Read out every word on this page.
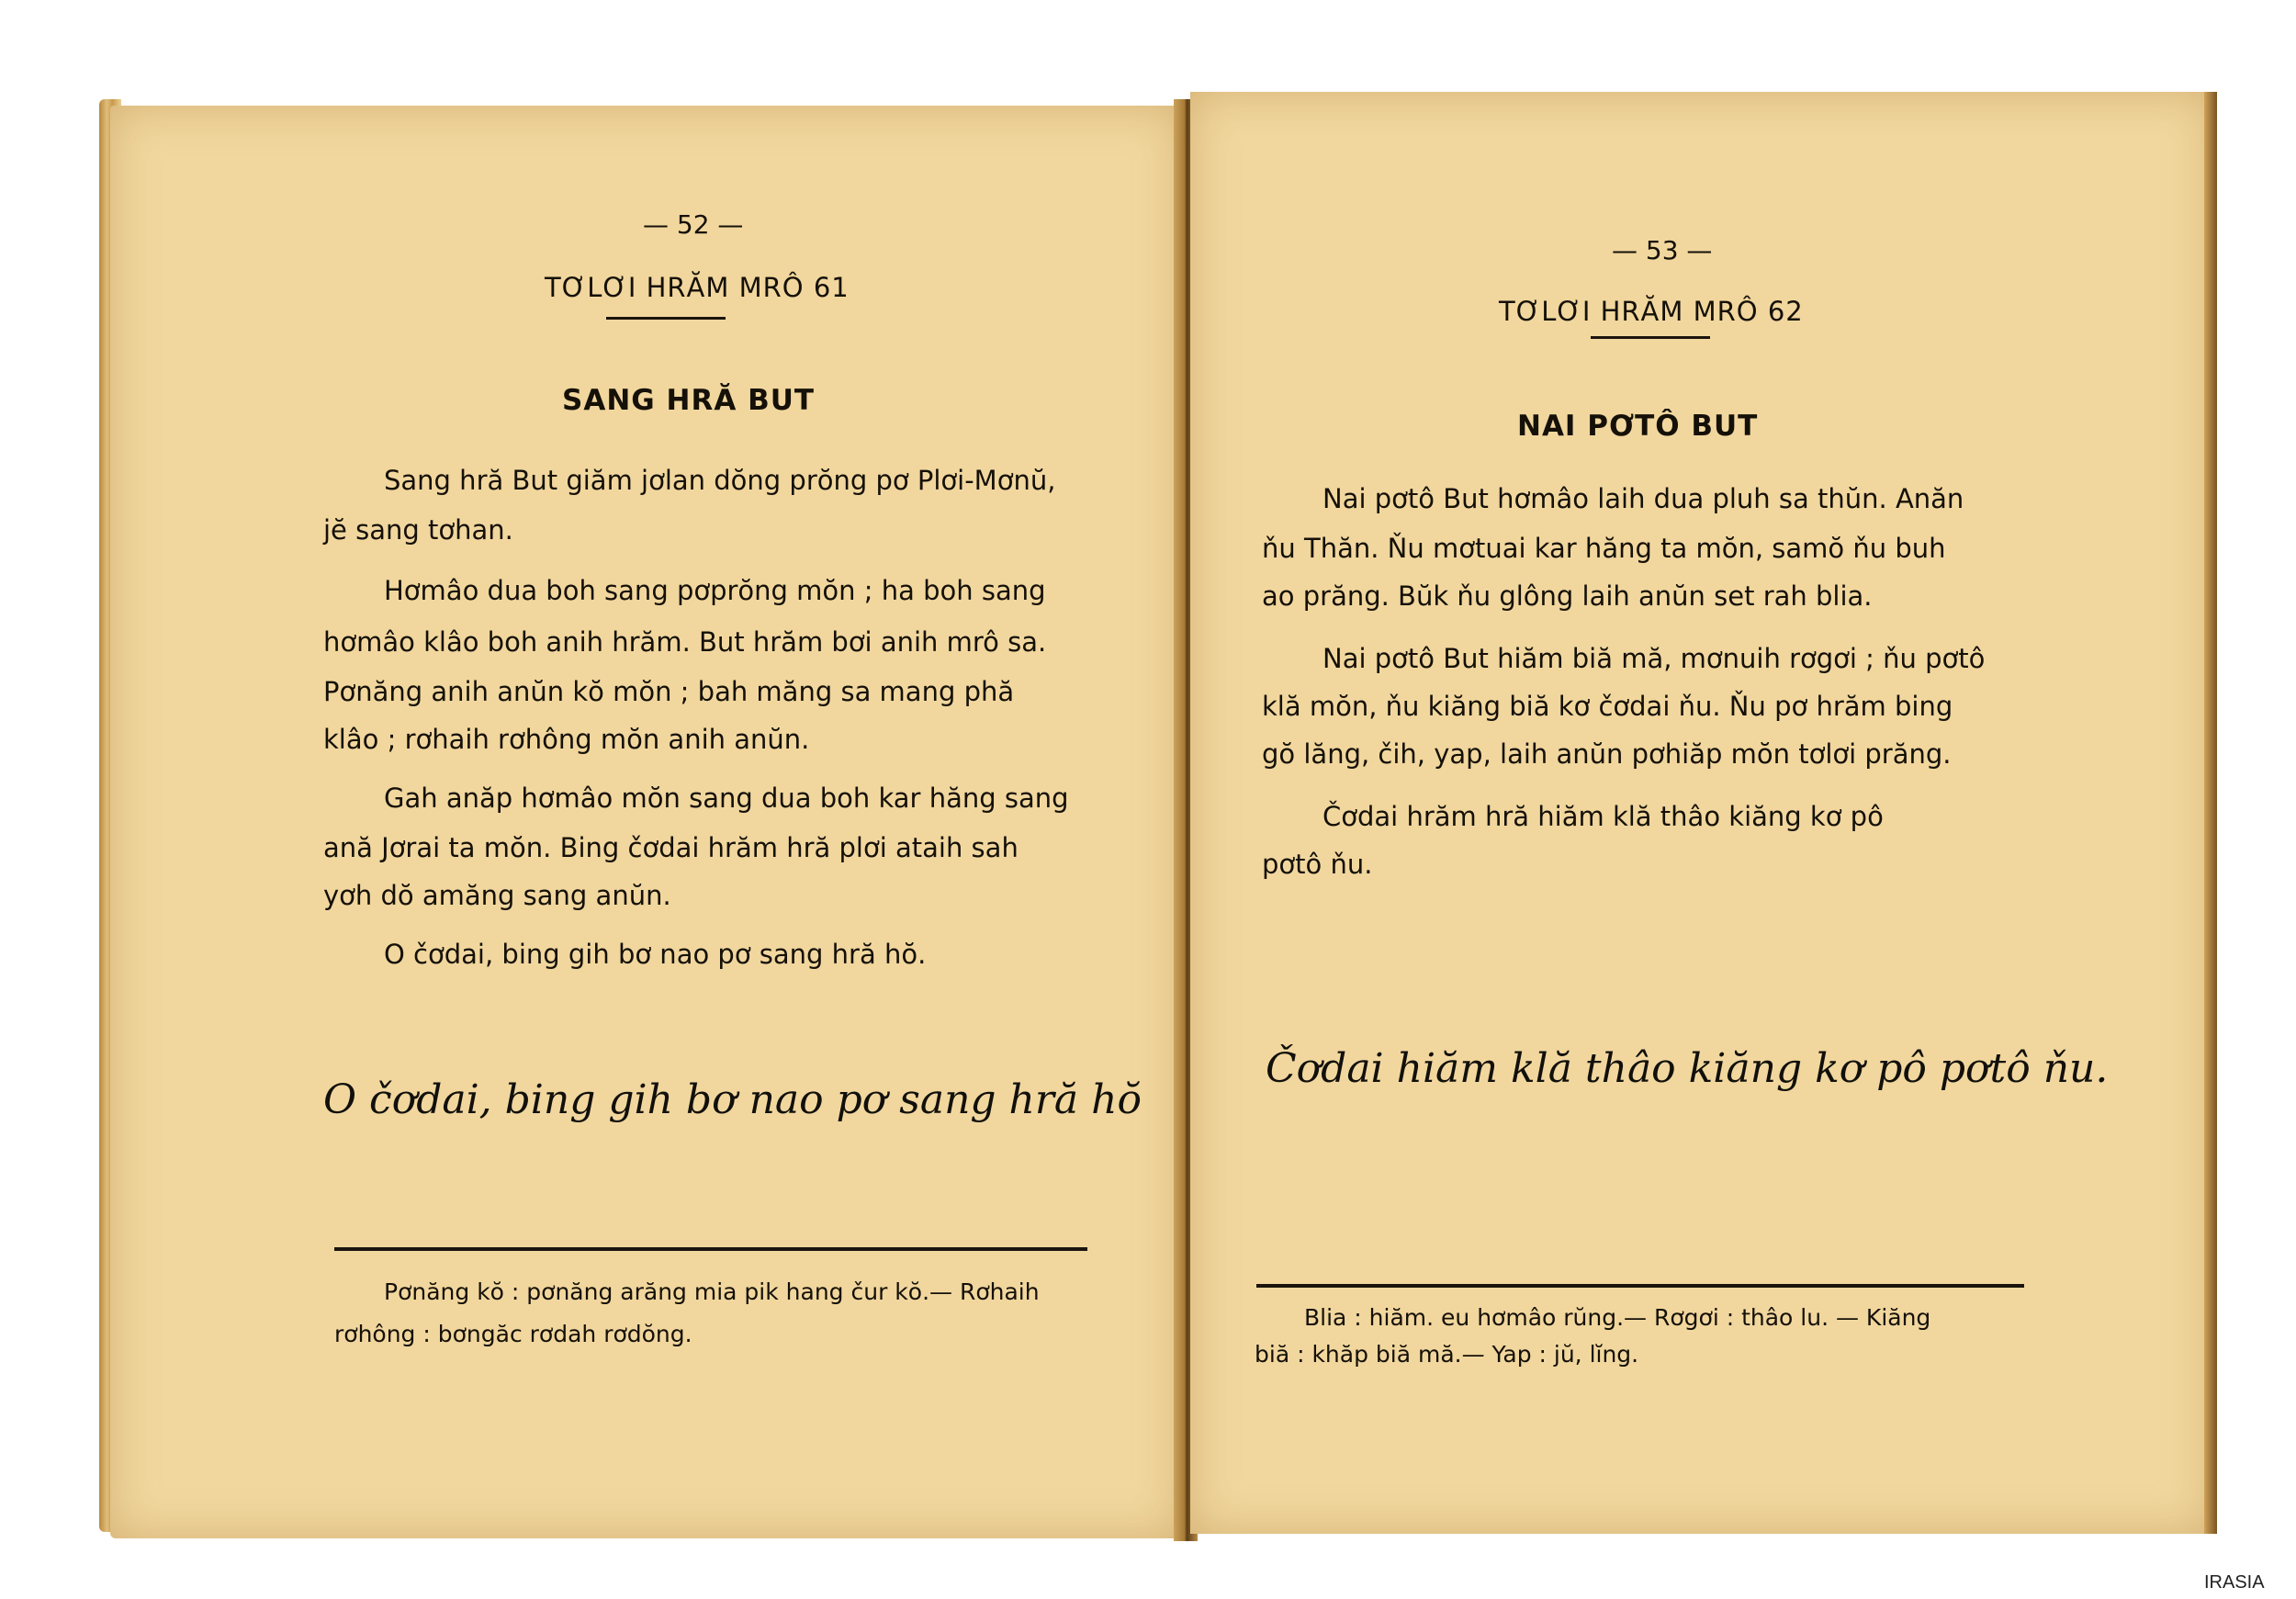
— 52 —
TƠLƠI HRĂM MRÔ 61
SANG HRĂ BUT
Sang hră But giăm jơlan dŏng prŏng pơ Plơi-Mơnŭ,
jĕ sang tơhan.
Hơmâo dua boh sang pơprŏng mŏn ; ha boh sang
hơmâo klâo boh anih hrăm. But hrăm bơi anih mrô sa.
Pơnăng anih anŭn kŏ mŏn ; bah măng sa mang phă
klâo ; rơhaih rơhông mŏn anih anŭn.
Gah anăp hơmâo mŏn sang dua boh kar hăng sang
ană Jơrai ta mŏn. Bing čơdai hrăm hră plơi ataih sah
yơh dŏ amăng sang anŭn.
O čơdai, bing gih bơ nao pơ sang hră hŏ.
O čơdai, bing gih bơ nao pơ sang hră hŏ
Pơnăng kŏ : pơnăng arăng mia pik hang čur kŏ.— Rơhaih
rơhông : bơngăc rơdah rơdŏng.
— 53 —
TƠLƠI HRĂM MRÔ 62
NAI PƠTÔ BUT
Nai pơtô But hơmâo laih dua pluh sa thŭn. Anăn
ňu Thăn. Ňu mơtuai kar hăng ta mŏn, samŏ ňu buh
ao prăng. Bŭk ňu glông laih anŭn set rah blia.
Nai pơtô But hiăm biă mă, mơnuih rơgơi ; ňu pơtô
klă mŏn, ňu kiăng biă kơ čơdai ňu. Ňu pơ hrăm bing
gŏ lăng, čih, yap, laih anŭn pơhiăp mŏn tơlơi prăng.
Čơdai hrăm hră hiăm klă thâo kiăng kơ pô
pơtô ňu.
Čơdai hiăm klă thâo kiăng kơ pô pơtô ňu.
Blia : hiăm. eu hơmâo rŭng.— Rơgơi : thâo lu. — Kiăng
biă : khăp biă mă.— Yap : jŭ, lĭng.
IRASIA
